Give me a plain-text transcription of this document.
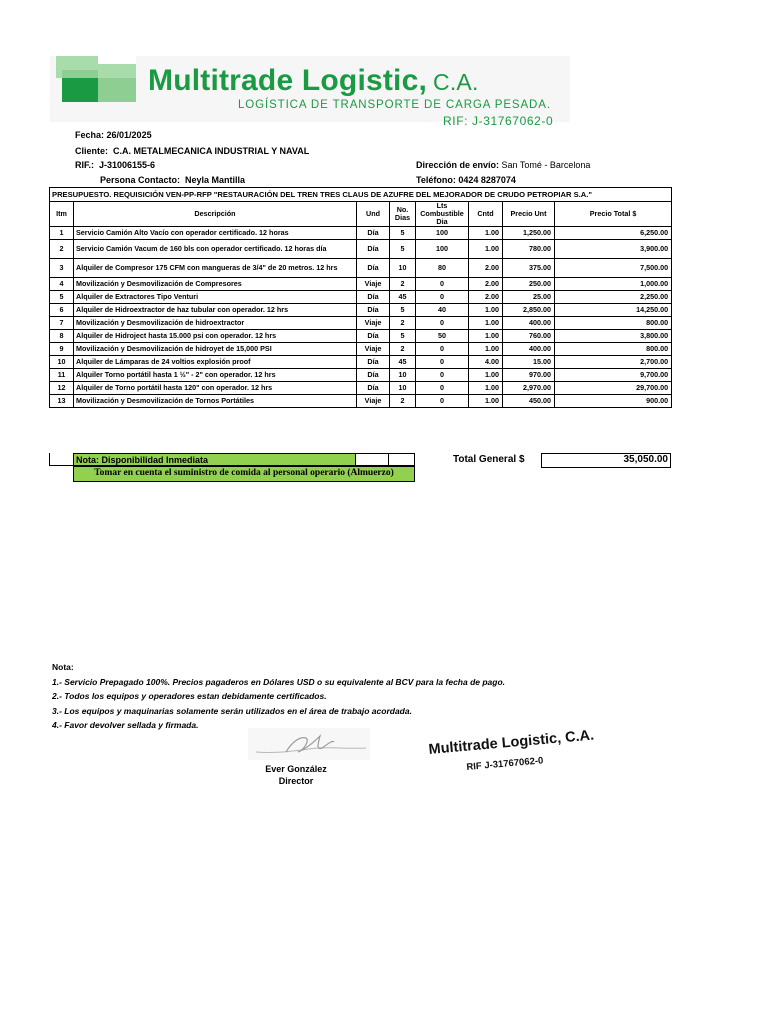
Multitrade Logistic, C.A.
LOGÍSTICA DE TRANSPORTE DE CARGA PESADA.
RIF: J-31767062-0
Fecha: 26/01/2025
Cliente: C.A. METALMECANICA INDUSTRIAL Y NAVAL
RIF.: J-31006155-6
Persona Contacto: Neyla Mantilla
Dirección de envío: San Tomé - Barcelona
Teléfono: 0424 8287074
PRESUPUESTO. REQUISICIÓN VEN-PP-RFP "RESTAURACIÓN DEL TREN TRES CLAUS DE AZUFRE DEL MEJORADOR DE CRUDO PETROPIAR S.A."							
Itm	Descripción	Und	No. Dias	Lts Combustible Dia	Cntd	Precio Unt	Precio Total $
1	Servicio Camión Alto Vacío con operador certificado. 12 horas	Día	5	100	1.00	1,250.00	6,250.00
2	Servicio Camión Vacum de 160 bls con operador certificado. 12 horas día	Día	5	100	1.00	780.00	3,900.00
3	Alquiler de Compresor 175 CFM con mangueras de 3/4" de 20 metros. 12 hrs	Día	10	80	2.00	375.00	7,500.00
4	Movilización y Desmovilización de Compresores	Viaje	2	0	2.00	250.00	1,000.00
5	Alquiler de Extractores Tipo Venturi	Día	45	0	2.00	25.00	2,250.00
6	Alquiler de Hidroextractor de haz tubular con operador. 12 hrs	Día	5	40	1.00	2,850.00	14,250.00
7	Movilización y Desmovilización de hidroextractor	Viaje	2	0	1.00	400.00	800.00
8	Alquiler de Hidroject hasta 15.000 psi con operador. 12 hrs	Día	5	50	1.00	760.00	3,800.00
9	Movilización y Desmovilización de hidroyet de 15,000 PSI	Viaje	2	0	1.00	400.00	800.00
10	Alquiler de Lámparas de 24 voltios explosión proof	Día	45	0	4.00	15.00	2,700.00
11	Alquiler Torno portátil hasta 1 ½" - 2" con operador. 12 hrs	Día	10	0	1.00	970.00	9,700.00
12	Alquiler de Torno portátil hasta 120" con operador. 12 hrs	Día	10	0	1.00	2,970.00	29,700.00
13	Movilización y Desmovilización de Tornos Portátiles	Viaje	2	0	1.00	450.00	900.00
Nota: Disponibilidad Inmediata	Total General $	35,050.00
Tomar en cuenta el suministro de comida al personal operario (Almuerzo)
Nota:
1.- Servicio Prepagado 100%. Precios pagaderos en Dólares USD o su equivalente al BCV para la fecha de pago.
2.- Todos los equipos y operadores estan debidamente certificados.
3.- Los equipos y maquinarias solamente serán utilizados en el área de trabajo acordada.
4.- Favor devolver sellada y firmada.
Ever González
Director
Multitrade Logistic, C.A.
RIF J-31767062-0
